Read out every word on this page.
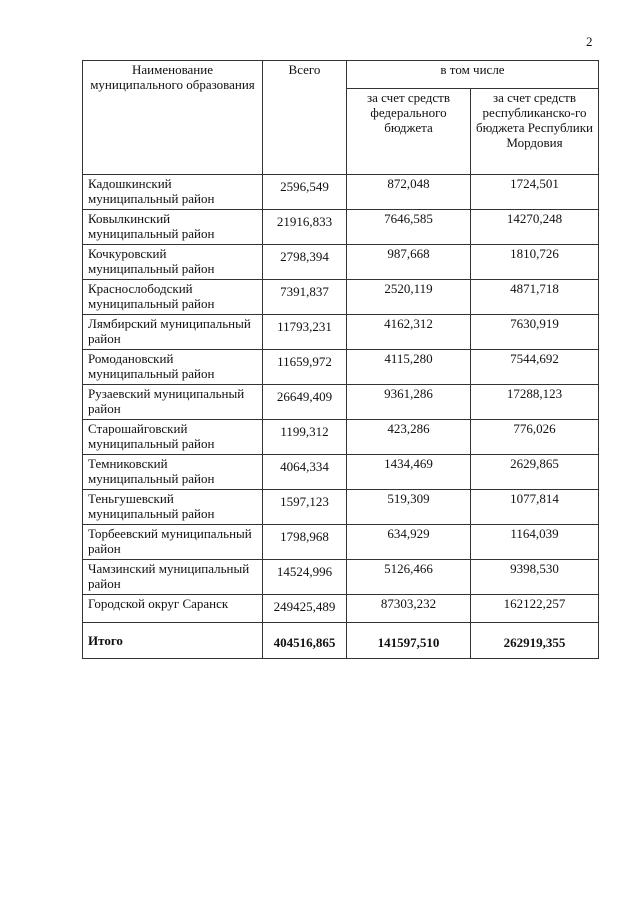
2
Наименование муниципального образования	Всего	в том числе	
		за счет средств федерального бюджета	за счет средств республиканско-го бюджета Республики Мордовия
Кадошкинский муниципальный район	2596,549	872,048	1724,501
Ковылкинский муниципальный район	21916,833	7646,585	14270,248
Кочкуровский муниципальный район	2798,394	987,668	1810,726
Краснослободский муниципальный район	7391,837	2520,119	4871,718
Лямбирский муниципальный район	11793,231	4162,312	7630,919
Ромодановский муниципальный район	11659,972	4115,280	7544,692
Рузаевский муниципальный район	26649,409	9361,286	17288,123
Старошайговский муниципальный район	1199,312	423,286	776,026
Темниковский муниципальный район	4064,334	1434,469	2629,865
Теньгушевский муниципальный район	1597,123	519,309	1077,814
Торбеевский муниципальный район	1798,968	634,929	1164,039
Чамзинский муниципальный район	14524,996	5126,466	9398,530
Городской округ Саранск	249425,489	87303,232	162122,257
Итого	404516,865	141597,510	262919,355
